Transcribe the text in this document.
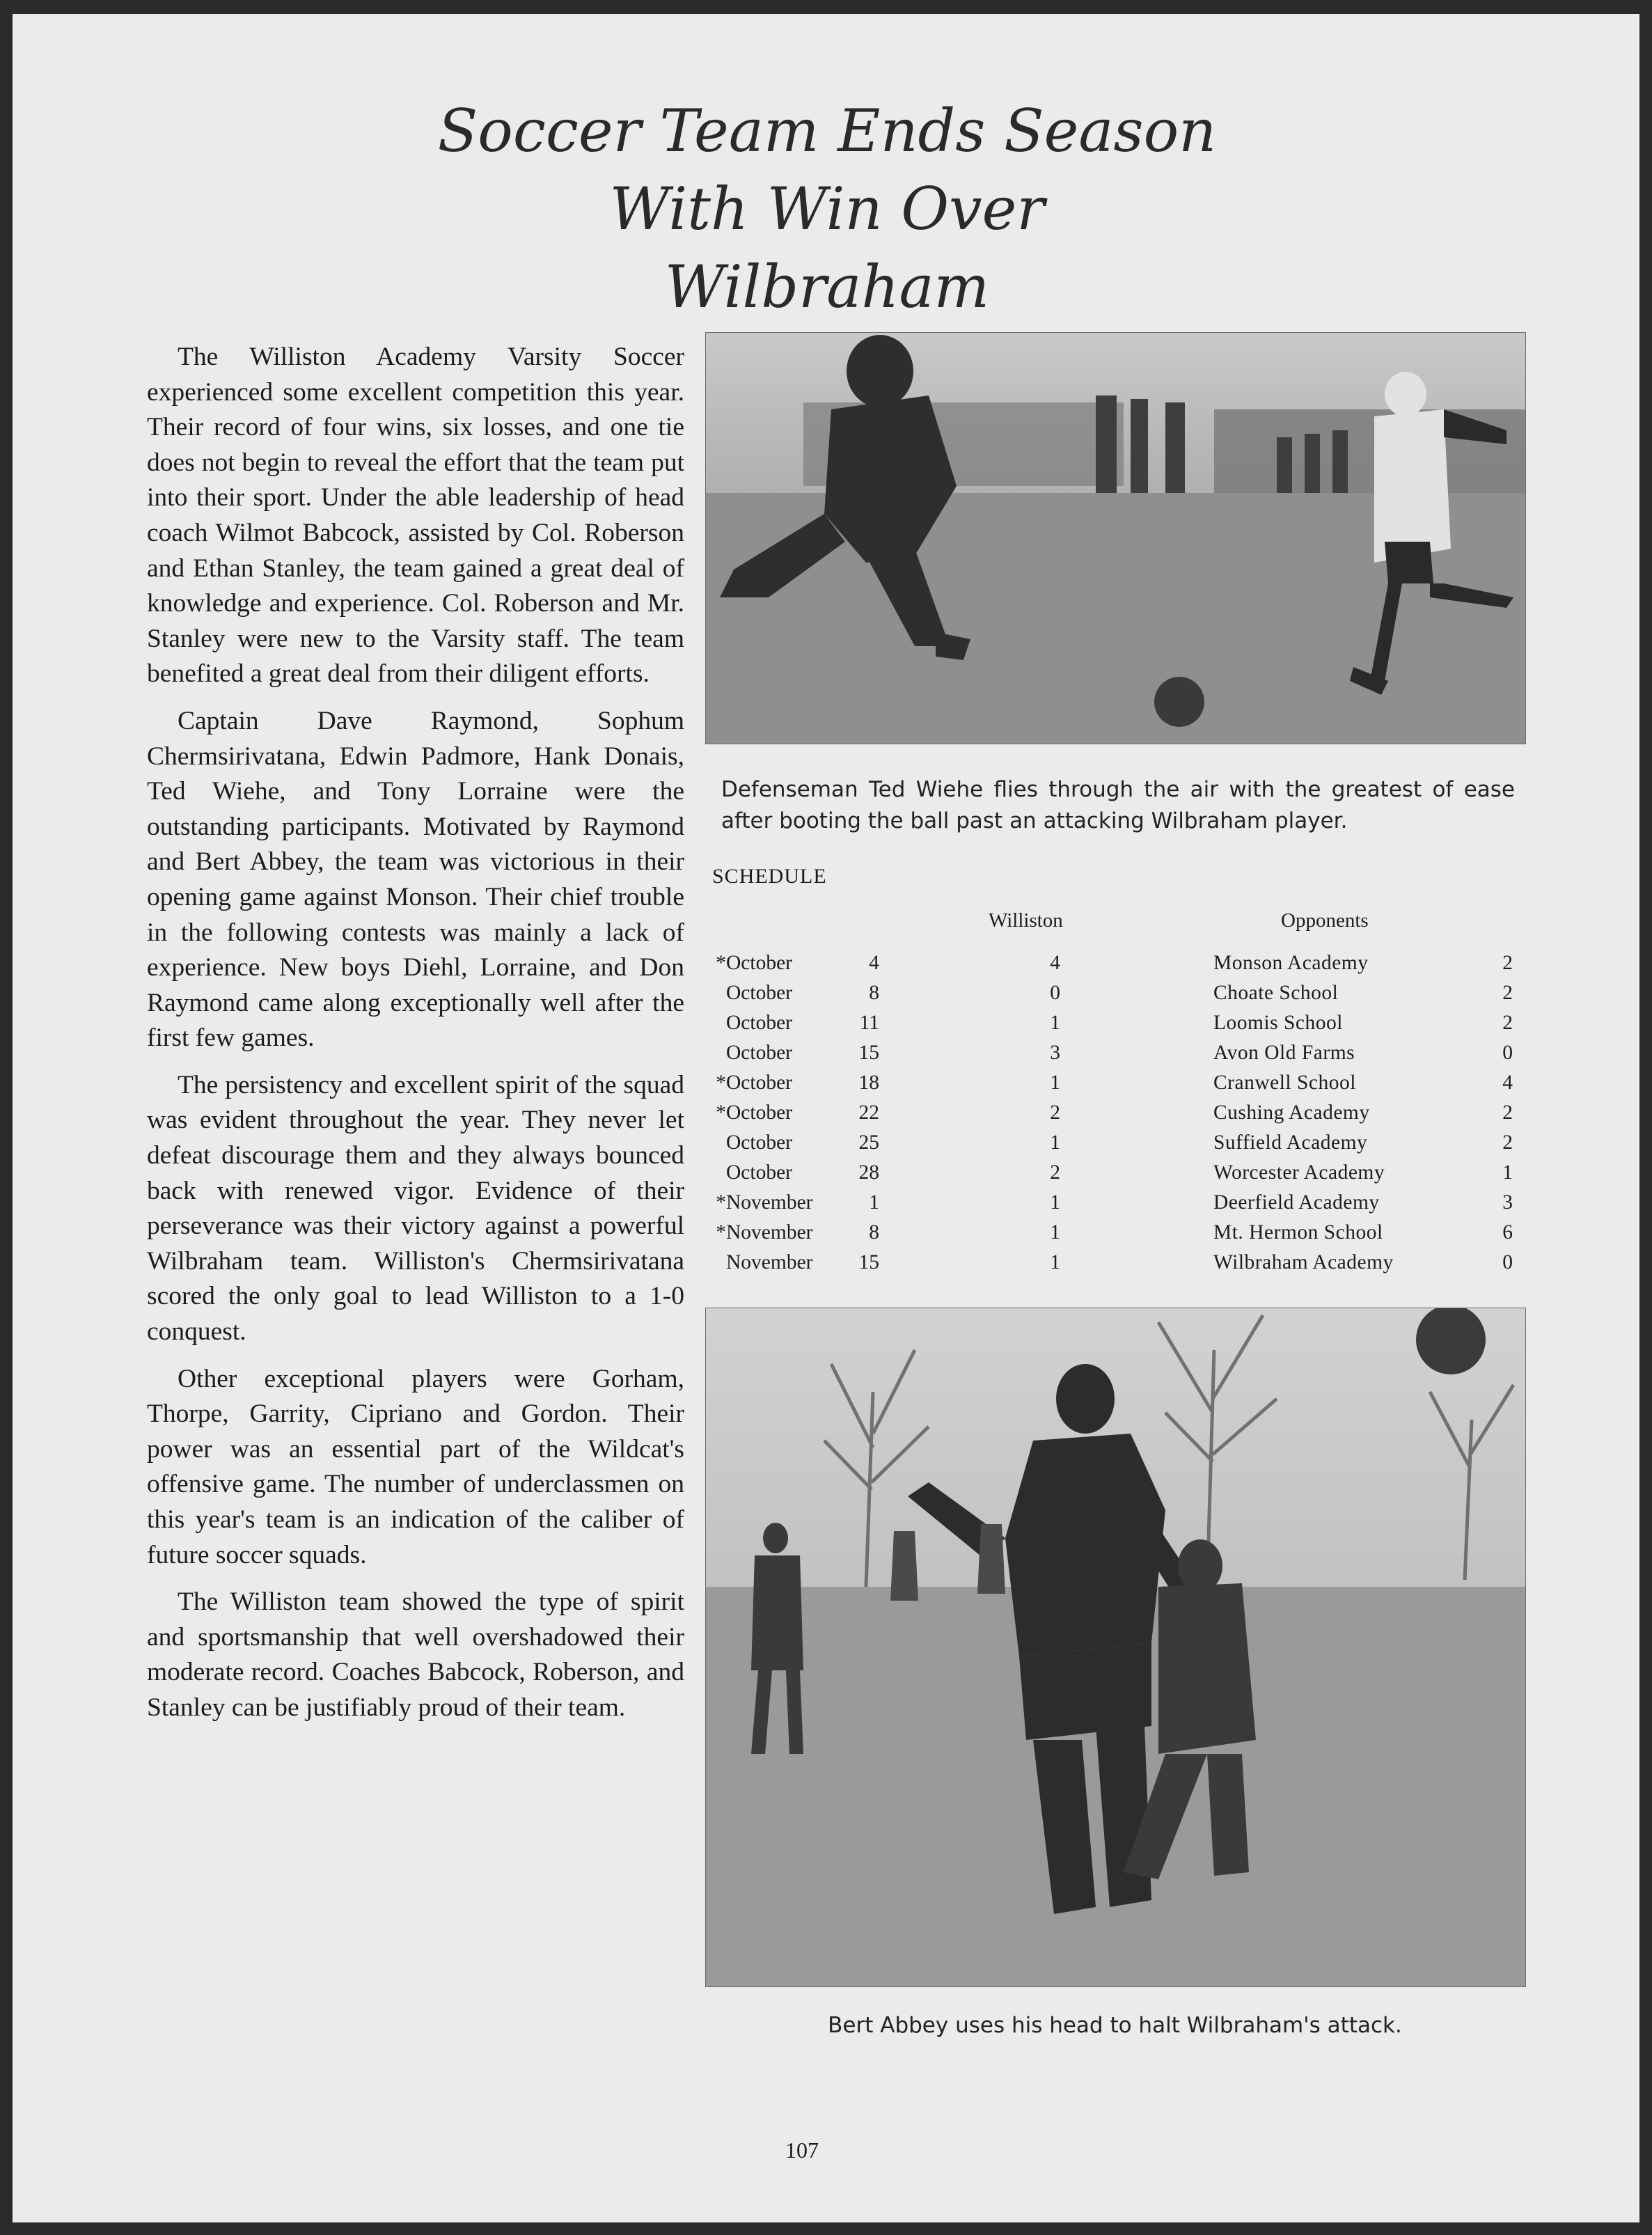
Soccer Team Ends Season
With Win Over
Wilbraham

The Williston Academy Varsity Soccer experienced some excellent competition this year. Their record of four wins, six losses, and one tie does not begin to reveal the effort that the team put into their sport. Under the able leadership of head coach Wilmot Babcock, assisted by Col. Roberson and Ethan Stanley, the team gained a great deal of knowledge and experience. Col. Roberson and Mr. Stanley were new to the Varsity staff. The team benefited a great deal from their diligent efforts.

Captain Dave Raymond, Sophum Chermsirivatana, Edwin Padmore, Hank Donais, Ted Wiehe, and Tony Lorraine were the outstanding participants. Motivated by Raymond and Bert Abbey, the team was victorious in their opening game against Monson. Their chief trouble in the following contests was mainly a lack of experience. New boys Diehl, Lorraine, and Don Raymond came along exceptionally well after the first few games.

The persistency and excellent spirit of the squad was evident throughout the year. They never let defeat discourage them and they always bounced back with renewed vigor. Evidence of their perseverance was their victory against a powerful Wilbraham team. Williston's Chermsirivatana scored the only goal to lead Williston to a 1-0 conquest.

Other exceptional players were Gorham, Thorpe, Garrity, Cipriano and Gordon. Their power was an essential part of the Wildcat's offensive game. The number of underclassmen on this year's team is an indication of the caliber of future soccer squads.

The Williston team showed the type of spirit and sportsmanship that well overshadowed their moderate record. Coaches Babcock, Roberson, and Stanley can be justifiably proud of their team.

Defenseman Ted Wiehe flies through the air with the greatest of ease after booting the ball past an attacking Wilbraham player.
SCHEDULE
Williston	Opponents
*	October	4	4		Monson Academy	2
	October	8	0		Choate School	2
	October	11	1		Loomis School	2
	October	15	3		Avon Old Farms	0
*	October	18	1		Cranwell School	4
*	October	22	2		Cushing Academy	2
	October	25	1		Suffield Academy	2
	October	28	2		Worcester Academy	1
*	November	1	1		Deerfield Academy	3
*	November	8	1		Mt. Hermon School	6
	November	15	1		Wilbraham Academy	0
Bert Abbey uses his head to halt Wilbraham's attack.
107
